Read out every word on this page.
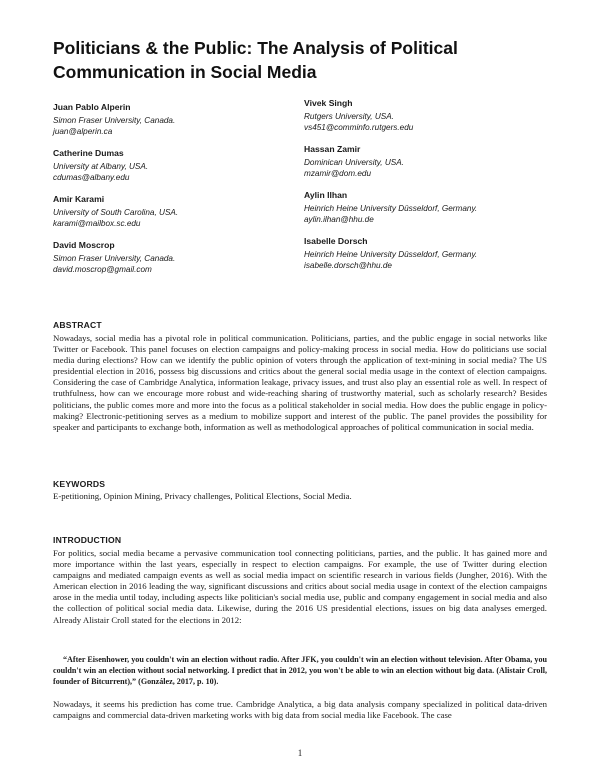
Politicians & the Public: The Analysis of Political Communication in Social Media
Juan Pablo Alperin
Simon Fraser University, Canada.
juan@alperin.ca
Catherine Dumas
University at Albany, USA.
cdumas@albany.edu
Amir Karami
University of South Carolina, USA.
karami@mailbox.sc.edu
David Moscrop
Simon Fraser University, Canada.
david.moscrop@gmail.com
Vivek Singh
Rutgers University, USA.
vs451@comminfo.rutgers.edu
Hassan Zamir
Dominican University, USA.
mzamir@dom.edu
Aylin Ilhan
Heinrich Heine University Düsseldorf, Germany.
aylin.ilhan@hhu.de
Isabelle Dorsch
Heinrich Heine University Düsseldorf, Germany.
isabelle.dorsch@hhu.de
ABSTRACT

Nowadays, social media has a pivotal role in political communication. Politicians, parties, and the public engage in social networks like Twitter or Facebook. This panel focuses on election campaigns and policy-making process in social media. How do politicians use social media during elections? How can we identify the public opinion of voters through the application of text-mining in social media? The US presidential election in 2016, possess big discussions and critics about the general social media usage in the context of election campaigns. Considering the case of Cambridge Analytica, information leakage, privacy issues, and trust also play an essential role as well. In respect of truthfulness, how can we encourage more robust and wide-reaching sharing of trustworthy material, such as scholarly research? Besides politicians, the public comes more and more into the focus as a political stakeholder in social media. How does the public engage in policy-making? Electronic-petitioning serves as a medium to mobilize support and interest of the public. The panel provides the possibility for speaker and participants to exchange both, information as well as methodological approaches of political communication in social media.

KEYWORDS

E-petitioning, Opinion Mining, Privacy challenges, Political Elections, Social Media.

INTRODUCTION

For politics, social media became a pervasive communication tool connecting politicians, parties, and the public. It has gained more and more importance within the last years, especially in respect to election campaigns. For example, the use of Twitter during election campaigns and mediated campaign events as well as social media impact on scientific research in various fields (Jungher, 2016). With the American election in 2016 leading the way, significant discussions and critics about social media usage in context of the election campaigns arose in the media until today, including aspects like politician's social media use, public and company engagement in social media and also the collection of political social media data. Likewise, during the 2016 US presidential elections, issues on big data analyses emerged. Already Alistair Croll stated for the elections in 2012:

“After Eisenhower, you couldn't win an election without radio. After JFK, you couldn't win an election without television. After Obama, you couldn't win an election without social networking. I predict that in 2012, you won't be able to win an election without big data. (Alistair Croll, founder of Bitcurrent),” (González, 2017, p. 10).

Nowadays, it seems his prediction has come true. Cambridge Analytica, a big data analysis company specialized in political data-driven campaigns and commercial data-driven marketing works with big data from social media like Facebook. The case

1
